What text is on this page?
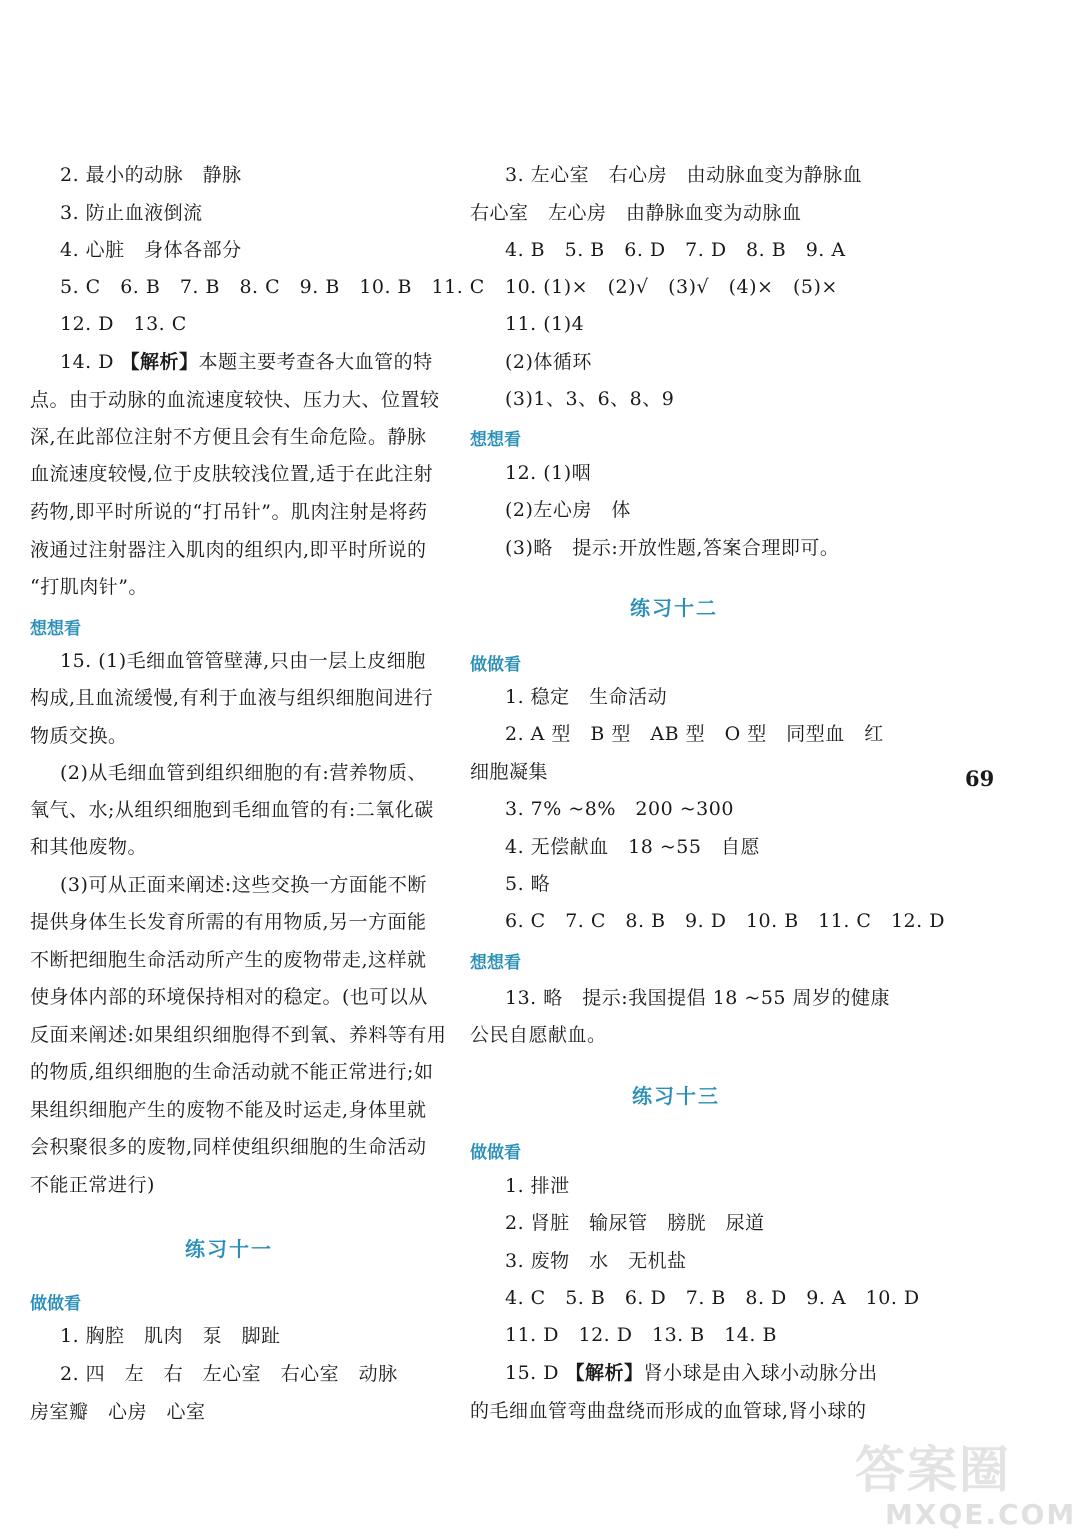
2. 最小的动脉　静脉
3. 防止血液倒流
4. 心脏　身体各部分
5. C　6. B　7. B　8. C　9. B　10. B　11. C
12. D　13. C
14. D 【解析】本题主要考查各大血管的特
点。由于动脉的血流速度较快、压力大、位置较
深,在此部位注射不方便且会有生命危险。静脉
血流速度较慢,位于皮肤较浅位置,适于在此注射
药物,即平时所说的“打吊针”。肌肉注射是将药
液通过注射器注入肌肉的组织内,即平时所说的
“打肌肉针”。
想想看
15. (1)毛细血管管壁薄,只由一层上皮细胞
构成,且血流缓慢,有利于血液与组织细胞间进行
物质交换。
(2)从毛细血管到组织细胞的有:营养物质、
氧气、水;从组织细胞到毛细血管的有:二氧化碳
和其他废物。
(3)可从正面来阐述:这些交换一方面能不断
提供身体生长发育所需的有用物质,另一方面能
不断把细胞生命活动所产生的废物带走,这样就
使身体内部的环境保持相对的稳定。(也可以从
反面来阐述:如果组织细胞得不到氧、养料等有用
的物质,组织细胞的生命活动就不能正常进行;如
果组织细胞产生的废物不能及时运走,身体里就
会积聚很多的废物,同样使组织细胞的生命活动
不能正常进行)
练习十一
做做看
1. 胸腔　肌肉　泵　脚趾
2. 四　左　右　左心室　右心室　动脉
房室瓣　心房　心室
3. 左心室　右心房　由动脉血变为静脉血
右心室　左心房　由静脉血变为动脉血
4. B　5. B　6. D　7. D　8. B　9. A
10. (1)×　(2)√　(3)√　(4)×　(5)×
11. (1)4
(2)体循环
(3)1、3、6、8、9
想想看
12. (1)咽
(2)左心房　体
(3)略　提示:开放性题,答案合理即可。
练习十二
做做看
1. 稳定　生命活动
2. A 型　B 型　AB 型　O 型　同型血　红
细胞凝集
3. 7% ~8%　200 ~300
4. 无偿献血　18 ~55　自愿
5. 略
6. C　7. C　8. B　9. D　10. B　11. C　12. D
想想看
13. 略　提示:我国提倡 18 ~55 周岁的健康
公民自愿献血。
练习十三
做做看
1. 排泄
2. 肾脏　输尿管　膀胱　尿道
3. 废物　水　无机盐
4. C　5. B　6. D　7. B　8. D　9. A　10. D
11. D　12. D　13. B　14. B
15. D 【解析】肾小球是由入球小动脉分出
的毛细血管弯曲盘绕而形成的血管球,肾小球的
69
答案圈
MXQE.COM
